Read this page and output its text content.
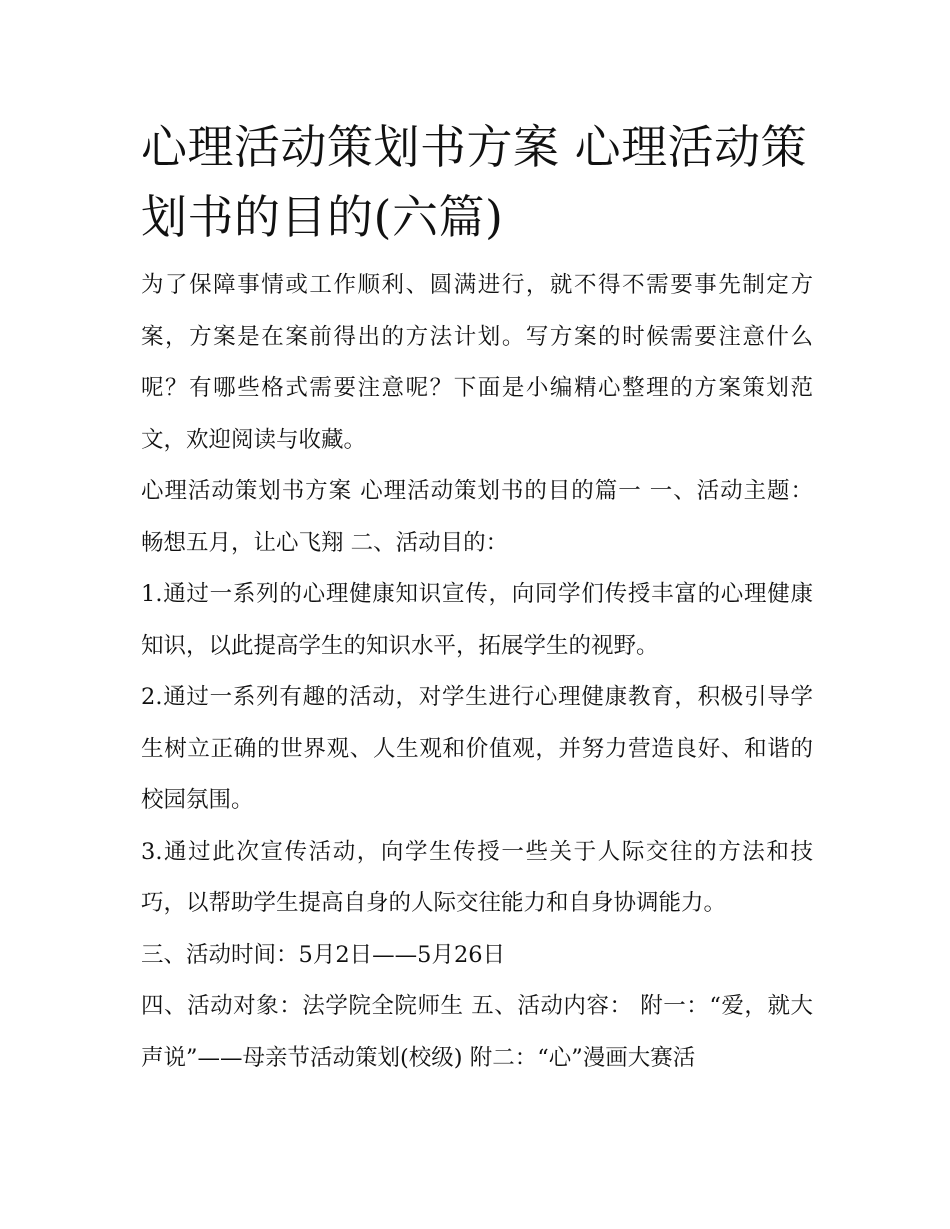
心理活动策划书方案 心理活动策划书的目的(六篇)

为了保障事情或工作顺利、圆满进行，就不得不需要事先制定方案，方案是在案前得出的方法计划。写方案的时候需要注意什么呢？有哪些格式需要注意呢？下面是小编精心整理的方案策划范文，欢迎阅读与收藏。

心理活动策划书方案 心理活动策划书的目的篇一 一、活动主题： 畅想五月，让心飞翔 二、活动目的：

1.通过一系列的心理健康知识宣传，向同学们传授丰富的心理健康知识，以此提高学生的知识水平，拓展学生的视野。

2.通过一系列有趣的活动，对学生进行心理健康教育，积极引导学生树立正确的世界观、人生观和价值观，并努力营造良好、和谐的校园氛围。

3.通过此次宣传活动，向学生传授一些关于人际交往的方法和技巧，以帮助学生提高自身的人际交往能力和自身协调能力。

三、活动时间：5月2日——5月26日

四、活动对象：法学院全院师生 五、活动内容： 附一：“爱，就大声说”——母亲节活动策划(校级) 附二：“心”漫画大赛活
